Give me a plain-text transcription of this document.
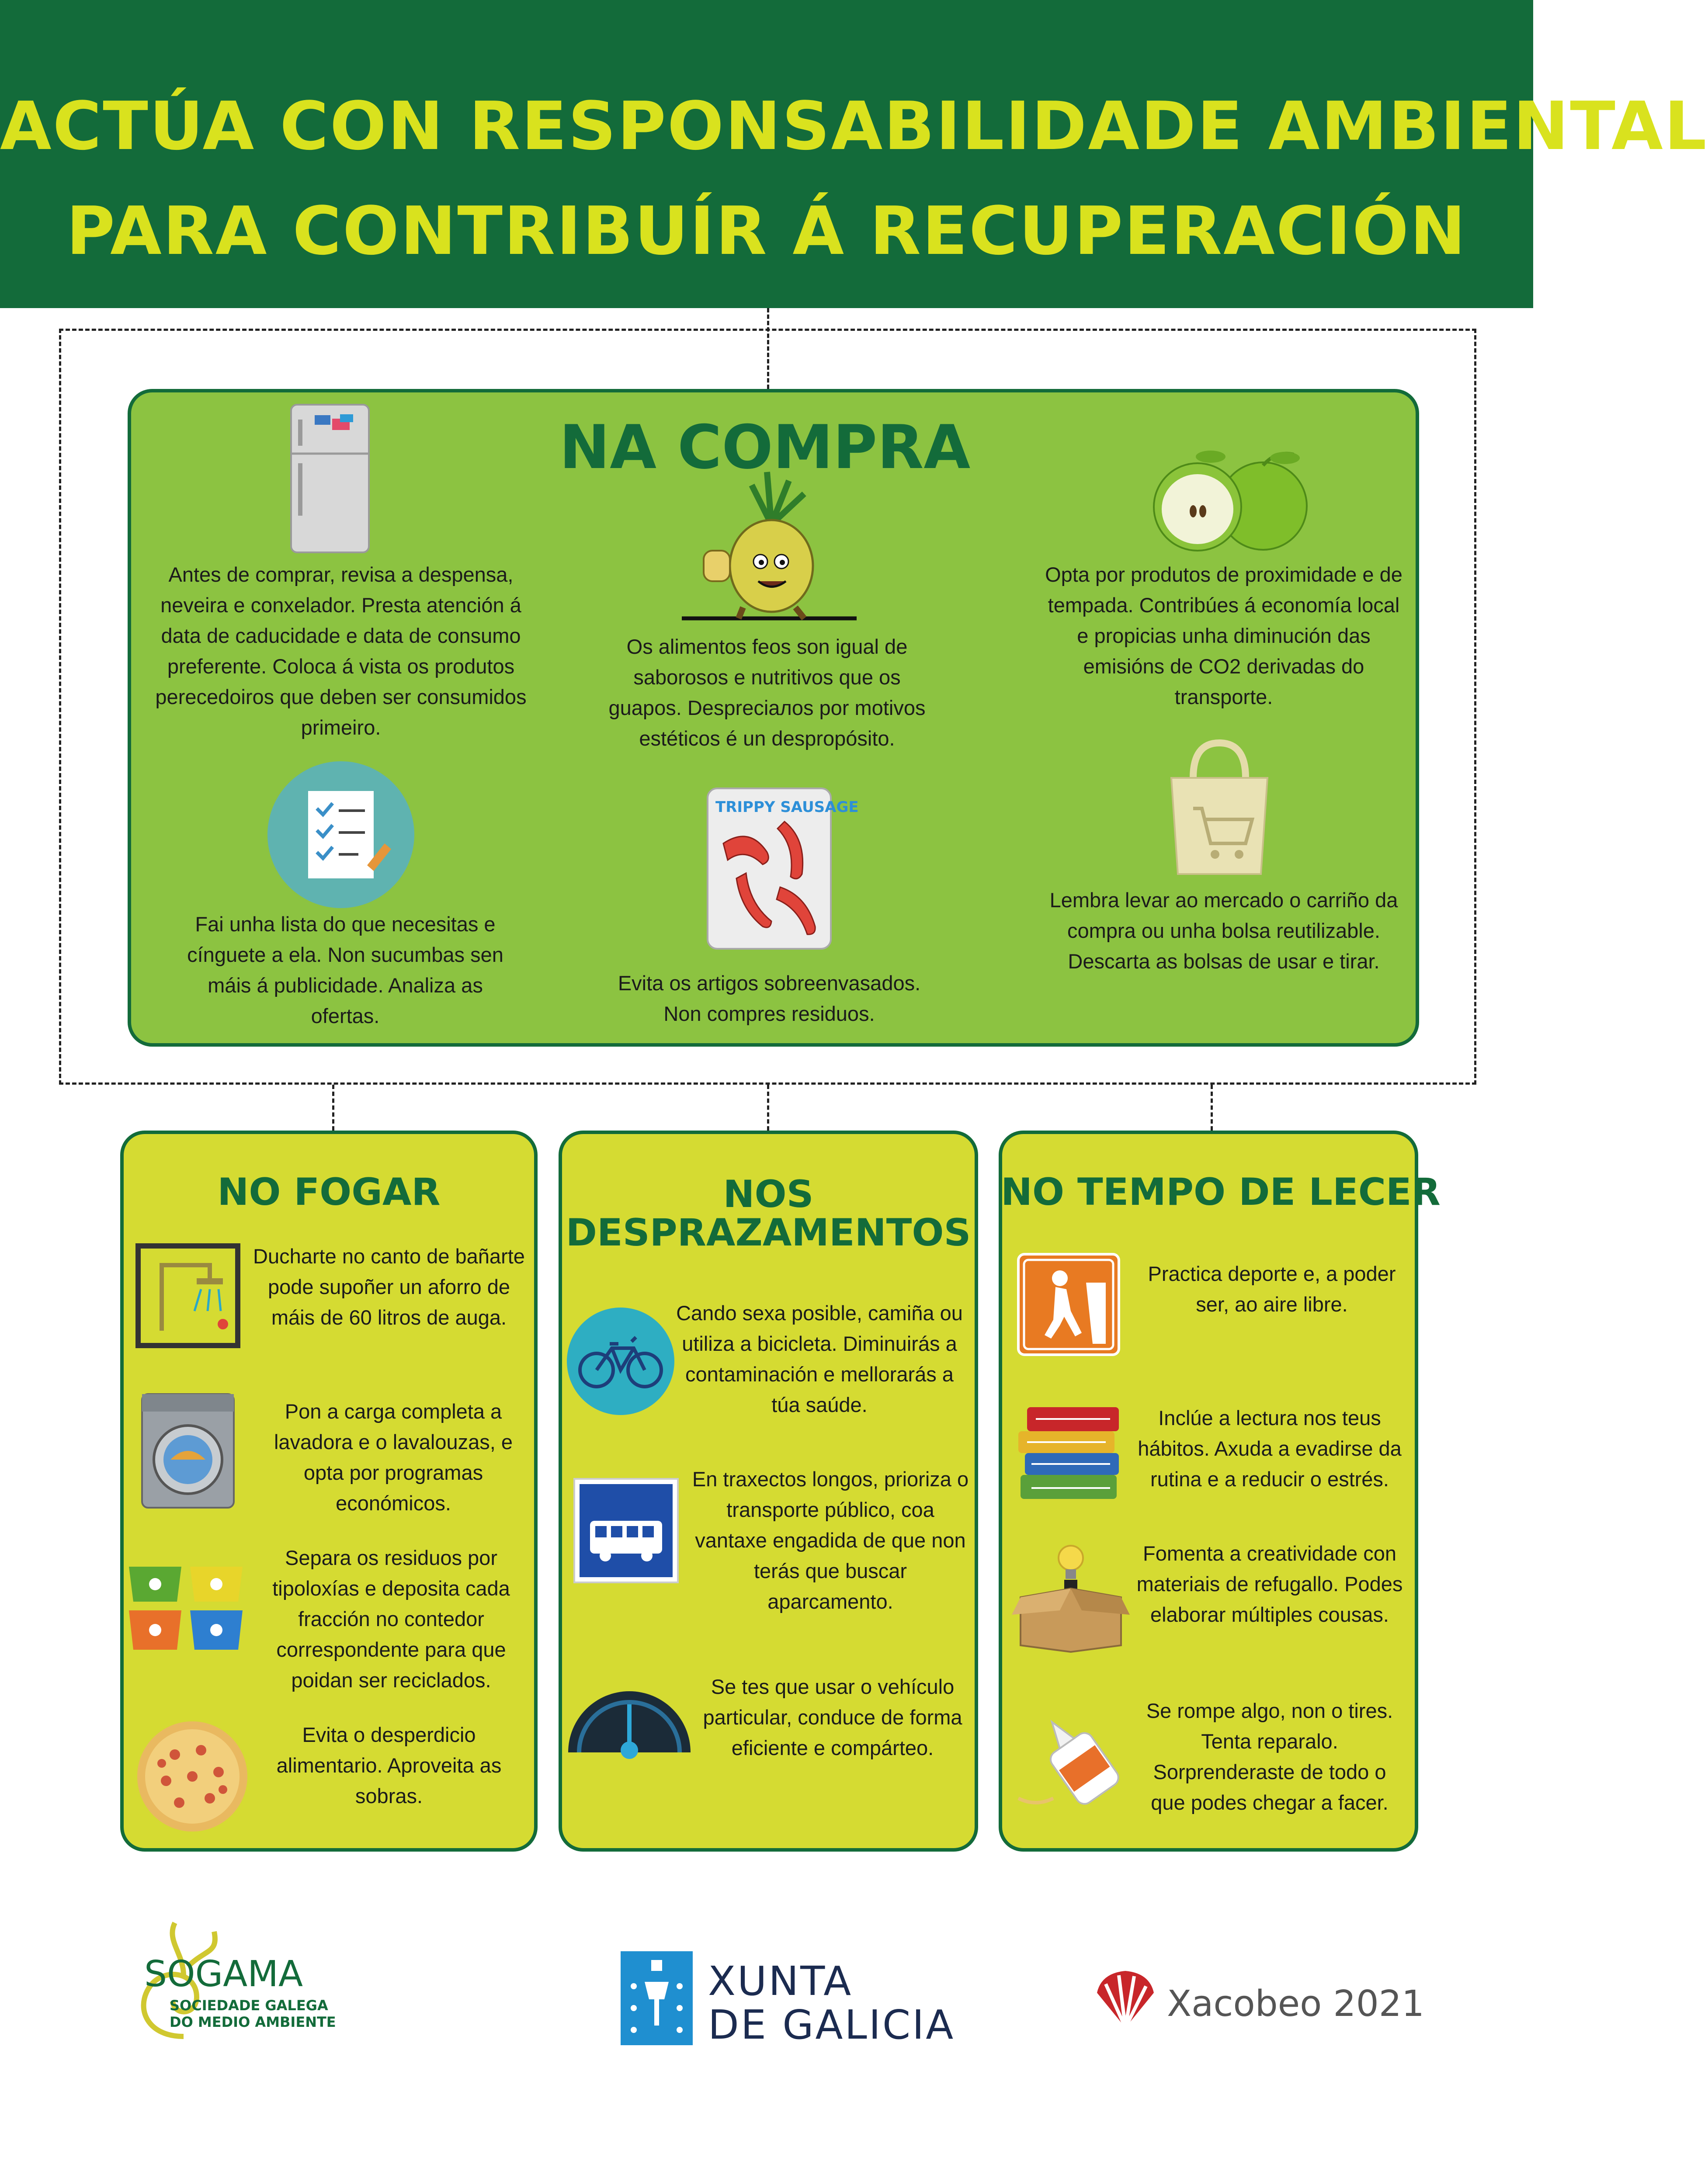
ACTÚA CON RESPONSABILIDADE AMBIENTAL
PARA CONTRIBUÍR Á RECUPERACIÓN
NA COMPRA
Antes de comprar, revisa a despensa, neveira e conxelador. Presta atención á data de caducidade e data de consumo preferente. Coloca á vista os produtos perecedoiros que deben ser consumidos primeiro.
Os alimentos feos son igual de saborosos e nutritivos que os guapos. Despreciaлos por motivos estéticos é un despropósito.
Opta por produtos de proximidade e de tempada. Contribúes á economía local e propicias unha diminución das emisións de CO2 derivadas do transporte.
Fai unha lista do que necesitas e cínguete a ela. Non sucumbas sen máis á publicidade. Analiza as ofertas.
TRIPPY SAUSAGE
Evita os artigos sobreenvasados. Non compres residuos.
Lembra levar ao mercado o carriño da compra ou unha bolsa reutilizable. Descarta as bolsas de usar e tirar.
NO FOGAR
Ducharte no canto de bañarte pode supoñer un aforro de máis de 60 litros de auga.
Pon a carga completa a lavadora e o lavalouzas, e opta por programas económicos.
Separa os residuos por tipoloxías e deposita cada fracción no contedor correspondente para que poidan ser reciclados.
Evita o desperdicio alimentario. Aproveita as sobras.
NOS
DESPRAZAMENTOS
Cando sexa posible, camiña ou utiliza a bicicleta. Diminuirás a contaminación e mellorarás a túa saúde.
En traxectos longos, prioriza o transporte público, coa vantaxe engadida de que non terás que buscar aparcamento.
Se tes que usar o vehículo particular, conduce de forma eficiente e compárteo.
NO TEMPO DE LECER
Practica deporte e, a poder ser, ao aire libre.
Inclúe a lectura nos teus hábitos. Axuda a evadirse da rutina e a reducir o estrés.
Fomenta a creatividade con materiais de refugallo. Podes elaborar múltiples cousas.
Se rompe algo, non o tires. Tenta reparalo. Sorprenderaste de todo o que podes chegar a facer.
SOGAMA
SOCIEDADE GALEGA
DO MEDIO AMBIENTE
XUNTA
DE GALICIA	Xacobeo 2021
